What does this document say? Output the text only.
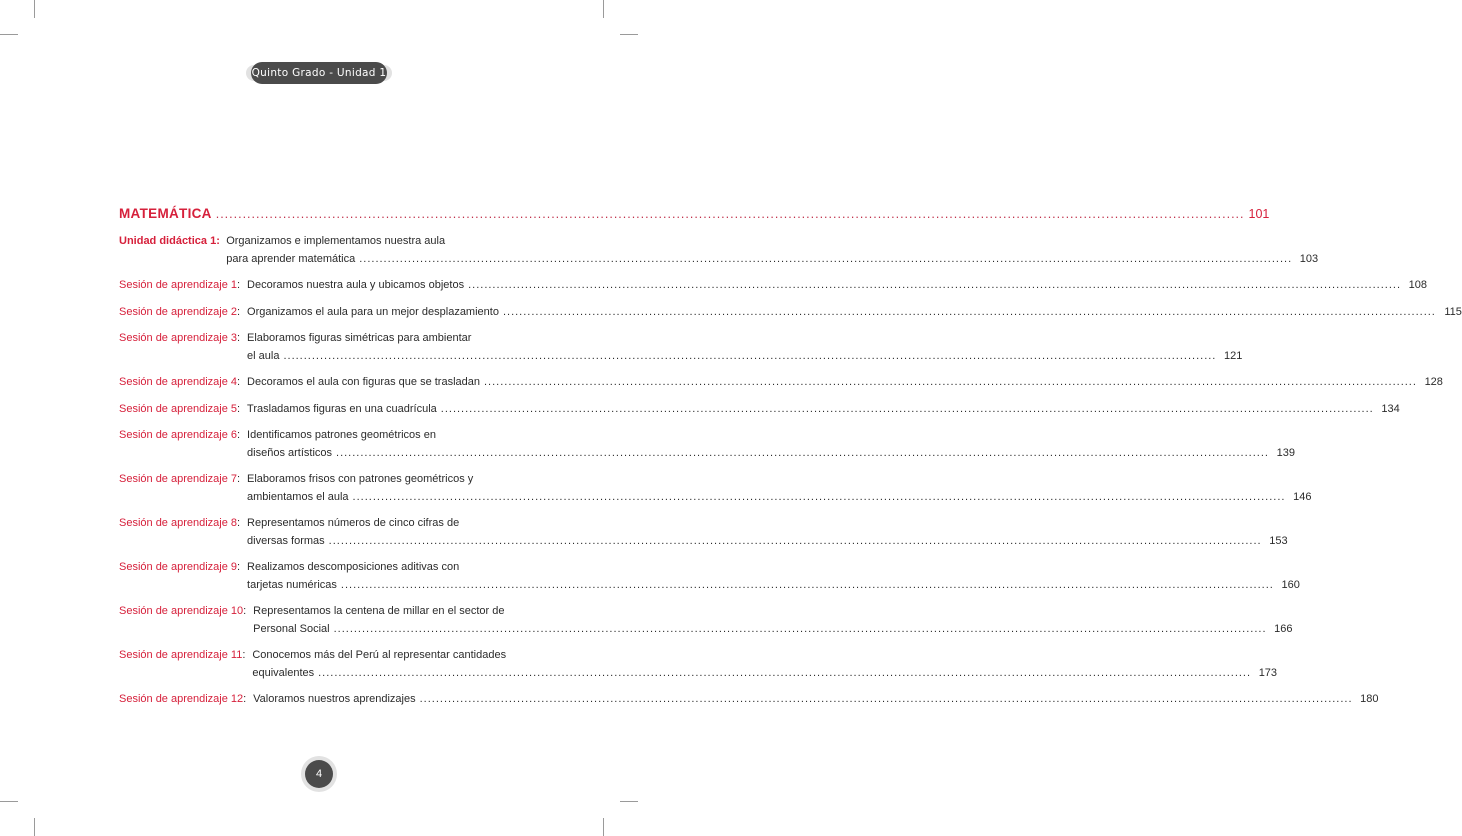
Quinto Grado - Unidad 1
MATEMÁTICA .....	101
Unidad didáctica 1 : Organizamos e implementamos nuestra aula
para aprender matemática .....	103
Sesión de aprendizaje 1 : Decoramos nuestra aula y ubicamos objetos .....	108
Sesión de aprendizaje 2 : Organizamos el aula para un mejor desplazamiento .....	115
Sesión de aprendizaje 3 : Elaboramos figuras simétricas para ambientar
el aula .....	121
Sesión de aprendizaje 4 : Decoramos el aula con figuras que se trasladan .....	128
Sesión de aprendizaje 5 : Trasladamos figuras en una cuadrícula .....	134
Sesión de aprendizaje 6 : Identificamos patrones geométricos en
diseños artísticos .....	139
Sesión de aprendizaje 7 : Elaboramos frisos con patrones geométricos y
ambientamos el aula .....	146
Sesión de aprendizaje 8 : Representamos números de cinco cifras de
diversas formas .....	153
Sesión de aprendizaje 9 : Realizamos descomposiciones aditivas con
tarjetas numéricas .....	160
Sesión de aprendizaje 10 : Representamos la centena de millar en el sector de
Personal Social .....	166
Sesión de aprendizaje 11 : Conocemos más del Perú al representar cantidades
equivalentes .....	173
Sesión de aprendizaje 12 : Valoramos nuestros aprendizajes .....	180
4
